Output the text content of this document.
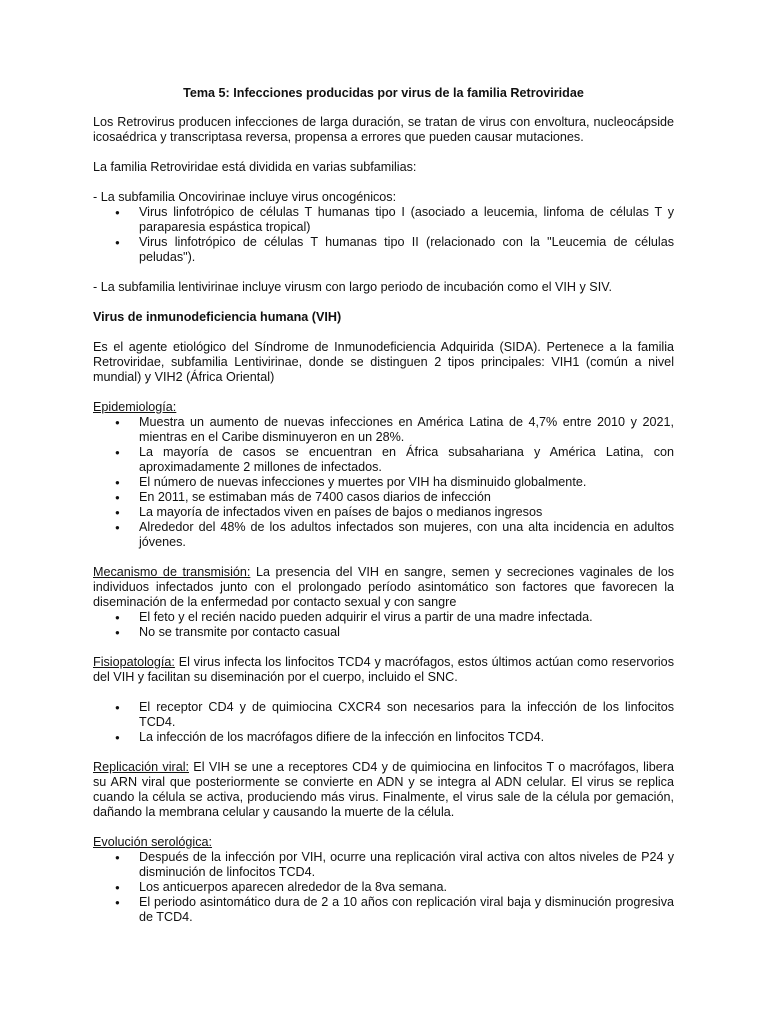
Tema 5: Infecciones producidas por virus de la familia Retroviridae

Los Retrovirus producen infecciones de larga duración, se tratan de virus con envoltura, nucleocápside icosaédrica y transcriptasa reversa, propensa a errores que pueden causar mutaciones.

La familia Retroviridae está dividida en varias subfamilias:

- La subfamilia Oncovirinae incluye virus oncogénicos:

● Virus linfotrópico de células T humanas tipo I (asociado a leucemia, linfoma de células T y paraparesia espástica tropical)
● Virus linfotrópico de células T humanas tipo II (relacionado con la "Leucemia de células peludas").

- La subfamilia lentivirinae incluye virusm con largo periodo de incubación como el VIH y SIV.

Virus de inmunodeficiencia humana (VIH)

Es el agente etiológico del Síndrome de Inmunodeficiencia Adquirida (SIDA). Pertenece a la familia Retroviridae, subfamilia Lentivirinae, donde se distinguen 2 tipos principales: VIH1 (común a nivel mundial) y VIH2 (África Oriental)

Epidemiología:

● Muestra un aumento de nuevas infecciones en América Latina de 4,7% entre 2010 y 2021, mientras en el Caribe disminuyeron en un 28%.
● La mayoría de casos se encuentran en África subsahariana y América Latina, con aproximadamente 2 millones de infectados.
● El número de nuevas infecciones y muertes por VIH ha disminuido globalmente.
● En 2011, se estimaban más de 7400 casos diarios de infección
● La mayoría de infectados viven en países de bajos o medianos ingresos
● Alrededor del 48% de los adultos infectados son mujeres, con una alta incidencia en adultos jóvenes.

Mecanismo de transmisión: La presencia del VIH en sangre, semen y secreciones vaginales de los individuos infectados junto con el prolongado período asintomático son factores que favorecen la diseminación de la enfermedad por contacto sexual y con sangre

● El feto y el recién nacido pueden adquirir el virus a partir de una madre infectada.
● No se transmite por contacto casual

Fisiopatología: El virus infecta los linfocitos TCD4 y macrófagos, estos últimos actúan como reservorios del VIH y facilitan su diseminación por el cuerpo, incluido el SNC.

● El receptor CD4 y de quimiocina CXCR4 son necesarios para la infección de los linfocitos TCD4.
● La infección de los macrófagos difiere de la infección en linfocitos TCD4.

Replicación viral: El VIH se une a receptores CD4 y de quimiocina en linfocitos T o macrófagos, libera su ARN viral que posteriormente se convierte en ADN y se integra al ADN celular. El virus se replica cuando la célula se activa, produciendo más virus. Finalmente, el virus sale de la célula por gemación, dañando la membrana celular y causando la muerte de la célula.

Evolución serológica:

● Después de la infección por VIH, ocurre una replicación viral activa con altos niveles de P24 y disminución de linfocitos TCD4.
● Los anticuerpos aparecen alrededor de la 8va semana.
● El periodo asintomático dura de 2 a 10 años con replicación viral baja y disminución progresiva de TCD4.
